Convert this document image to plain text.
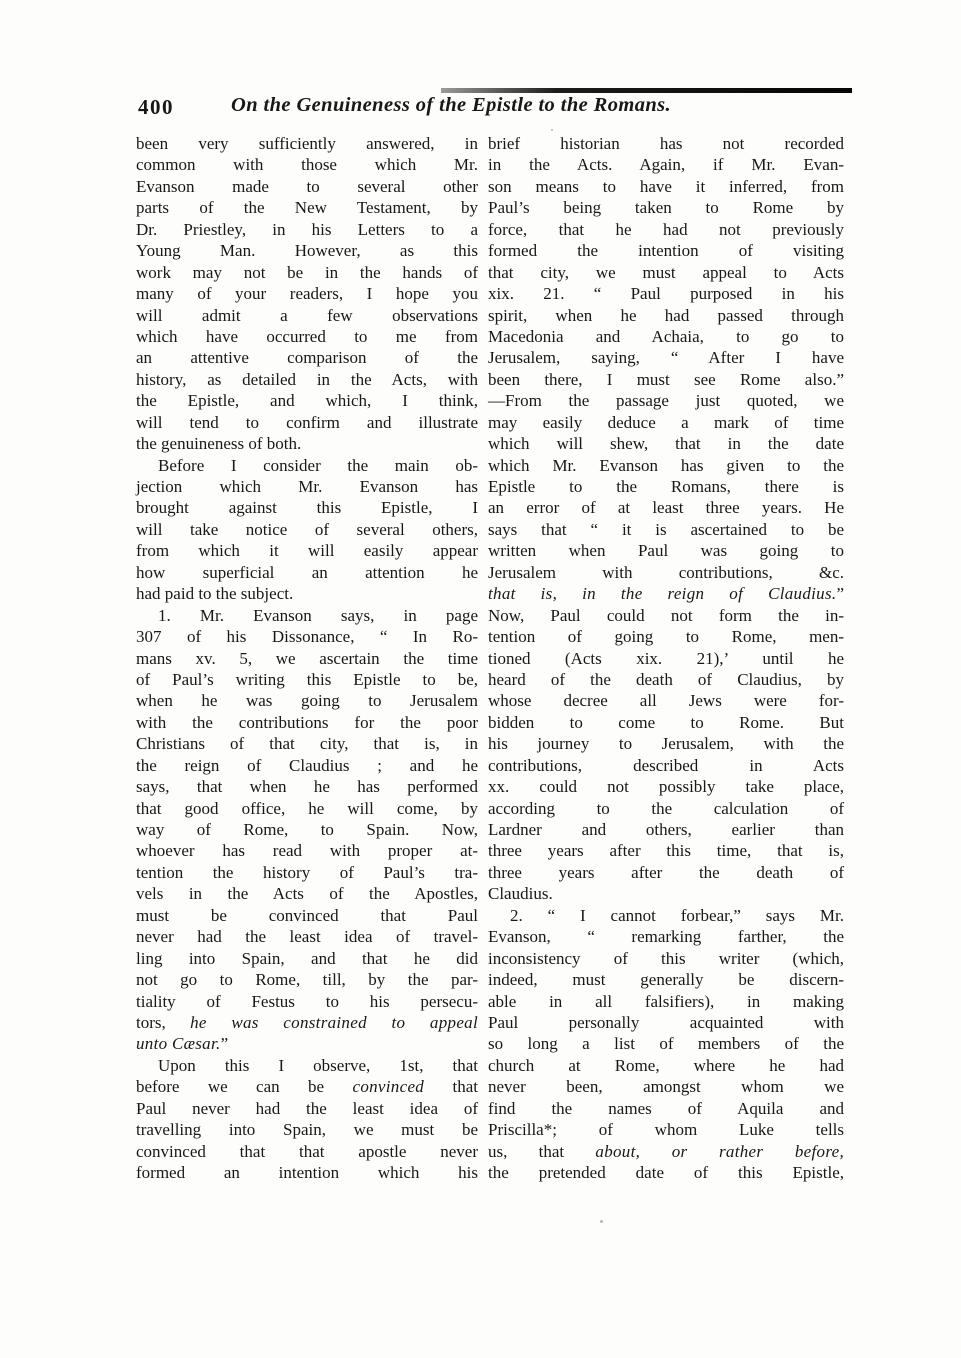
400	On the Genuineness of the Epistle to the Romans.
been very sufficiently answered, in
common with those which Mr.
Evanson made to several other
parts of the New Testament, by
Dr. Priestley, in his Letters to a
Young Man. However, as this
work may not be in the hands of
many of your readers, I hope you
will admit a few observations
which have occurred to me from
an attentive comparison of the
history, as detailed in the Acts, with
the Epistle, and which, I think,
will tend to confirm and illustrate
the genuineness of both.
Before I consider the main ob-
jection which Mr. Evanson has
brought against this Epistle, I
will take notice of several others,
from which it will easily appear
how superficial an attention he
had paid to the subject.
1. Mr. Evanson says, in page
307 of his Dissonance, “ In Ro-
mans xv. 5, we ascertain the time
of Paul’s writing this Epistle to be,
when he was going to Jerusalem
with the contributions for the poor
Christians of that city, that is, in
the reign of Claudius ; and he
says, that when he has performed
that good office, he will come, by
way of Rome, to Spain. Now,
whoever has read with proper at-
tention the history of Paul’s tra-
vels in the Acts of the Apostles,
must be convinced that Paul
never had the least idea of travel-
ling into Spain, and that he did
not go to Rome, till, by the par-
tiality of Festus to his persecu-
tors, he was constrained to appeal
unto Cæsar.”
Upon this I observe, 1st, that
before we can be convinced that
Paul never had the least idea of
travelling into Spain, we must be
convinced that that apostle never
formed an intention which his
brief historian has not recorded
in the Acts. Again, if Mr. Evan-
son means to have it inferred, from
Paul’s being taken to Rome by
force, that he had not previously
formed the intention of visiting
that city, we must appeal to Acts
xix. 21. “ Paul purposed in his
spirit, when he had passed through
Macedonia and Achaia, to go to
Jerusalem, saying, “ After I have
been there, I must see Rome also.”
—From the passage just quoted, we
may easily deduce a mark of time
which will shew, that in the date
which Mr. Evanson has given to the
Epistle to the Romans, there is
an error of at least three years. He
says that “ it is ascertained to be
written when Paul was going to
Jerusalem with contributions, &c.
that is, in the reign of Claudius.”
Now, Paul could not form the in-
tention of going to Rome, men-
tioned (Acts xix. 21),’ until he
heard of the death of Claudius, by
whose decree all Jews were for-
bidden to come to Rome. But
his journey to Jerusalem, with the
contributions, described in Acts
xx. could not possibly take place,
according to the calculation of
Lardner and others, earlier than
three years after this time, that is,
three years after the death of
Claudius.
2. “ I cannot forbear,” says Mr.
Evanson, “ remarking farther, the
inconsistency of this writer (which,
indeed, must generally be discern-
able in all falsifiers), in making
Paul personally acquainted with
so long a list of members of the
church at Rome, where he had
never been, amongst whom we
find the names of Aquila and
Priscilla*; of whom Luke tells
us, that about, or rather before,
the pretended date of this Epistle,
